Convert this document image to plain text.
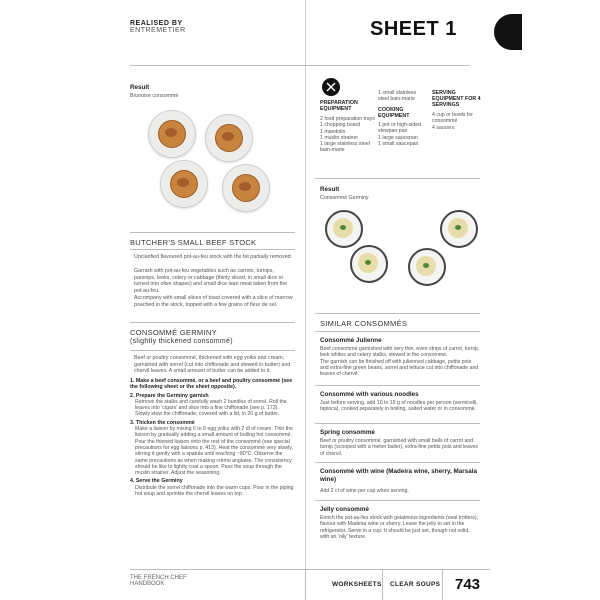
REALISED BY
ENTREMETIER	SHEET 1
Result
Brunoise consommé
BUTCHER'S SMALL BEEF STOCK
Unclarified flavoured pot-au-feu stock with the fat partially removed.
Garnish with pot-au-feu vegetables such as carrots, turnips, parsnips, leeks, celery or cabbage (thinly sliced, in small dice or turned into olive shapes) and small dice lean meat taken from the pot-au-feu.
Accompany with small slices of toast covered with a slice of marrow poached in the stock, topped with a few grains of fleur de sel.
CONSOMMÉ GERMINY
(slightly thickened consommé)
Beef or poultry consommé, thickened with egg yolks and cream, garnished with sorrel (cut into chiffonade and stewed in butter) and chervil leaves. A small amount of butter can be added to it.
1. Make a beef consommé, or a beef and poultry consommé (see the following sheet or the sheet opposite).
2. Prepare the Germiny garnish
Remove the stalks and carefully wash 2 bundles of sorrel. Roll the leaves into 'cigars' and slice into a fine chiffonade (see p. 173). Slowly stew the chiffonade, covered with a lid, in 20 g of butter.
3. Thicken the consommé
Make a liaison by mixing 6 to 8 egg yolks with 2 dl of cream. Thin the liaison by gradually adding a small amount of boiling hot consommé. Pour the thinned liaison onto the rest of the consommé (see special precautions for egg liaisons p. 413). Heat the consommé very slowly, stirring it gently with a spatula until reaching ~80°C. Observe the same precautions as when making crème anglaise. The consistency should be like to lightly coat a spoon. Pass the soup through the muslin strainer. Adjust the seasoning.
4. Serve the Germiny
Distribute the sorrel chiffonade into the warm cups. Pour in the piping hot soup and sprinkle the chervil leaves on top.
PREPARATION EQUIPMENT
2 food preparation trays
1 chopping board
1 mandolin
1 muslin strainer
1 large stainless steel bain-marie
1 small stainless steel bain-marie
COOKING EQUIPMENT
1 pot or high-sided stewpan pan
1 large saucepan
1 small saucepan
SERVING EQUIPMENT FOR 4 SERVINGS
4 cup or bowls for consommé
4 saucers
Result
Consommé Germiny
SIMILAR CONSOMMÉS
Consommé Julienne
Beef consommé garnished with very thin, even strips of carrot, turnip, leek whites and celery stalks, stewed in the consommé.
The garnish can be finished off with julienned cabbage, petits pois and extra-fine green beans, sorrel and lettuce cut into chiffonade and leaves of chervil.
Consommé with various noodles
Just before serving, add 10 to 15 g of noodles per person (vermicelli, tapioca), cooked separately in boiling, salted water or in consommé.
Spring consommé
Beef or poultry consommé, garnished with small balls of carrot and turnip (scooped with a melon baller), extra-fine petits pois and leaves of chervil.
Consommé with wine (Madeira wine, sherry, Marsala wine)
Add 2 cl of wine per cup when serving.
Jelly consommé
Enrich the pot-au-feu stock with gelatinous ingredients (veal trotters), flavour with Madeira wine or sherry. Leave the jelly to set in the refrigerator. Serve in a cup. It should be just set, though not solid, with an 'oily' texture.
THE FRENCH CHEF
HANDBOOK	WORKSHEETS CLEAR SOUPS 743
